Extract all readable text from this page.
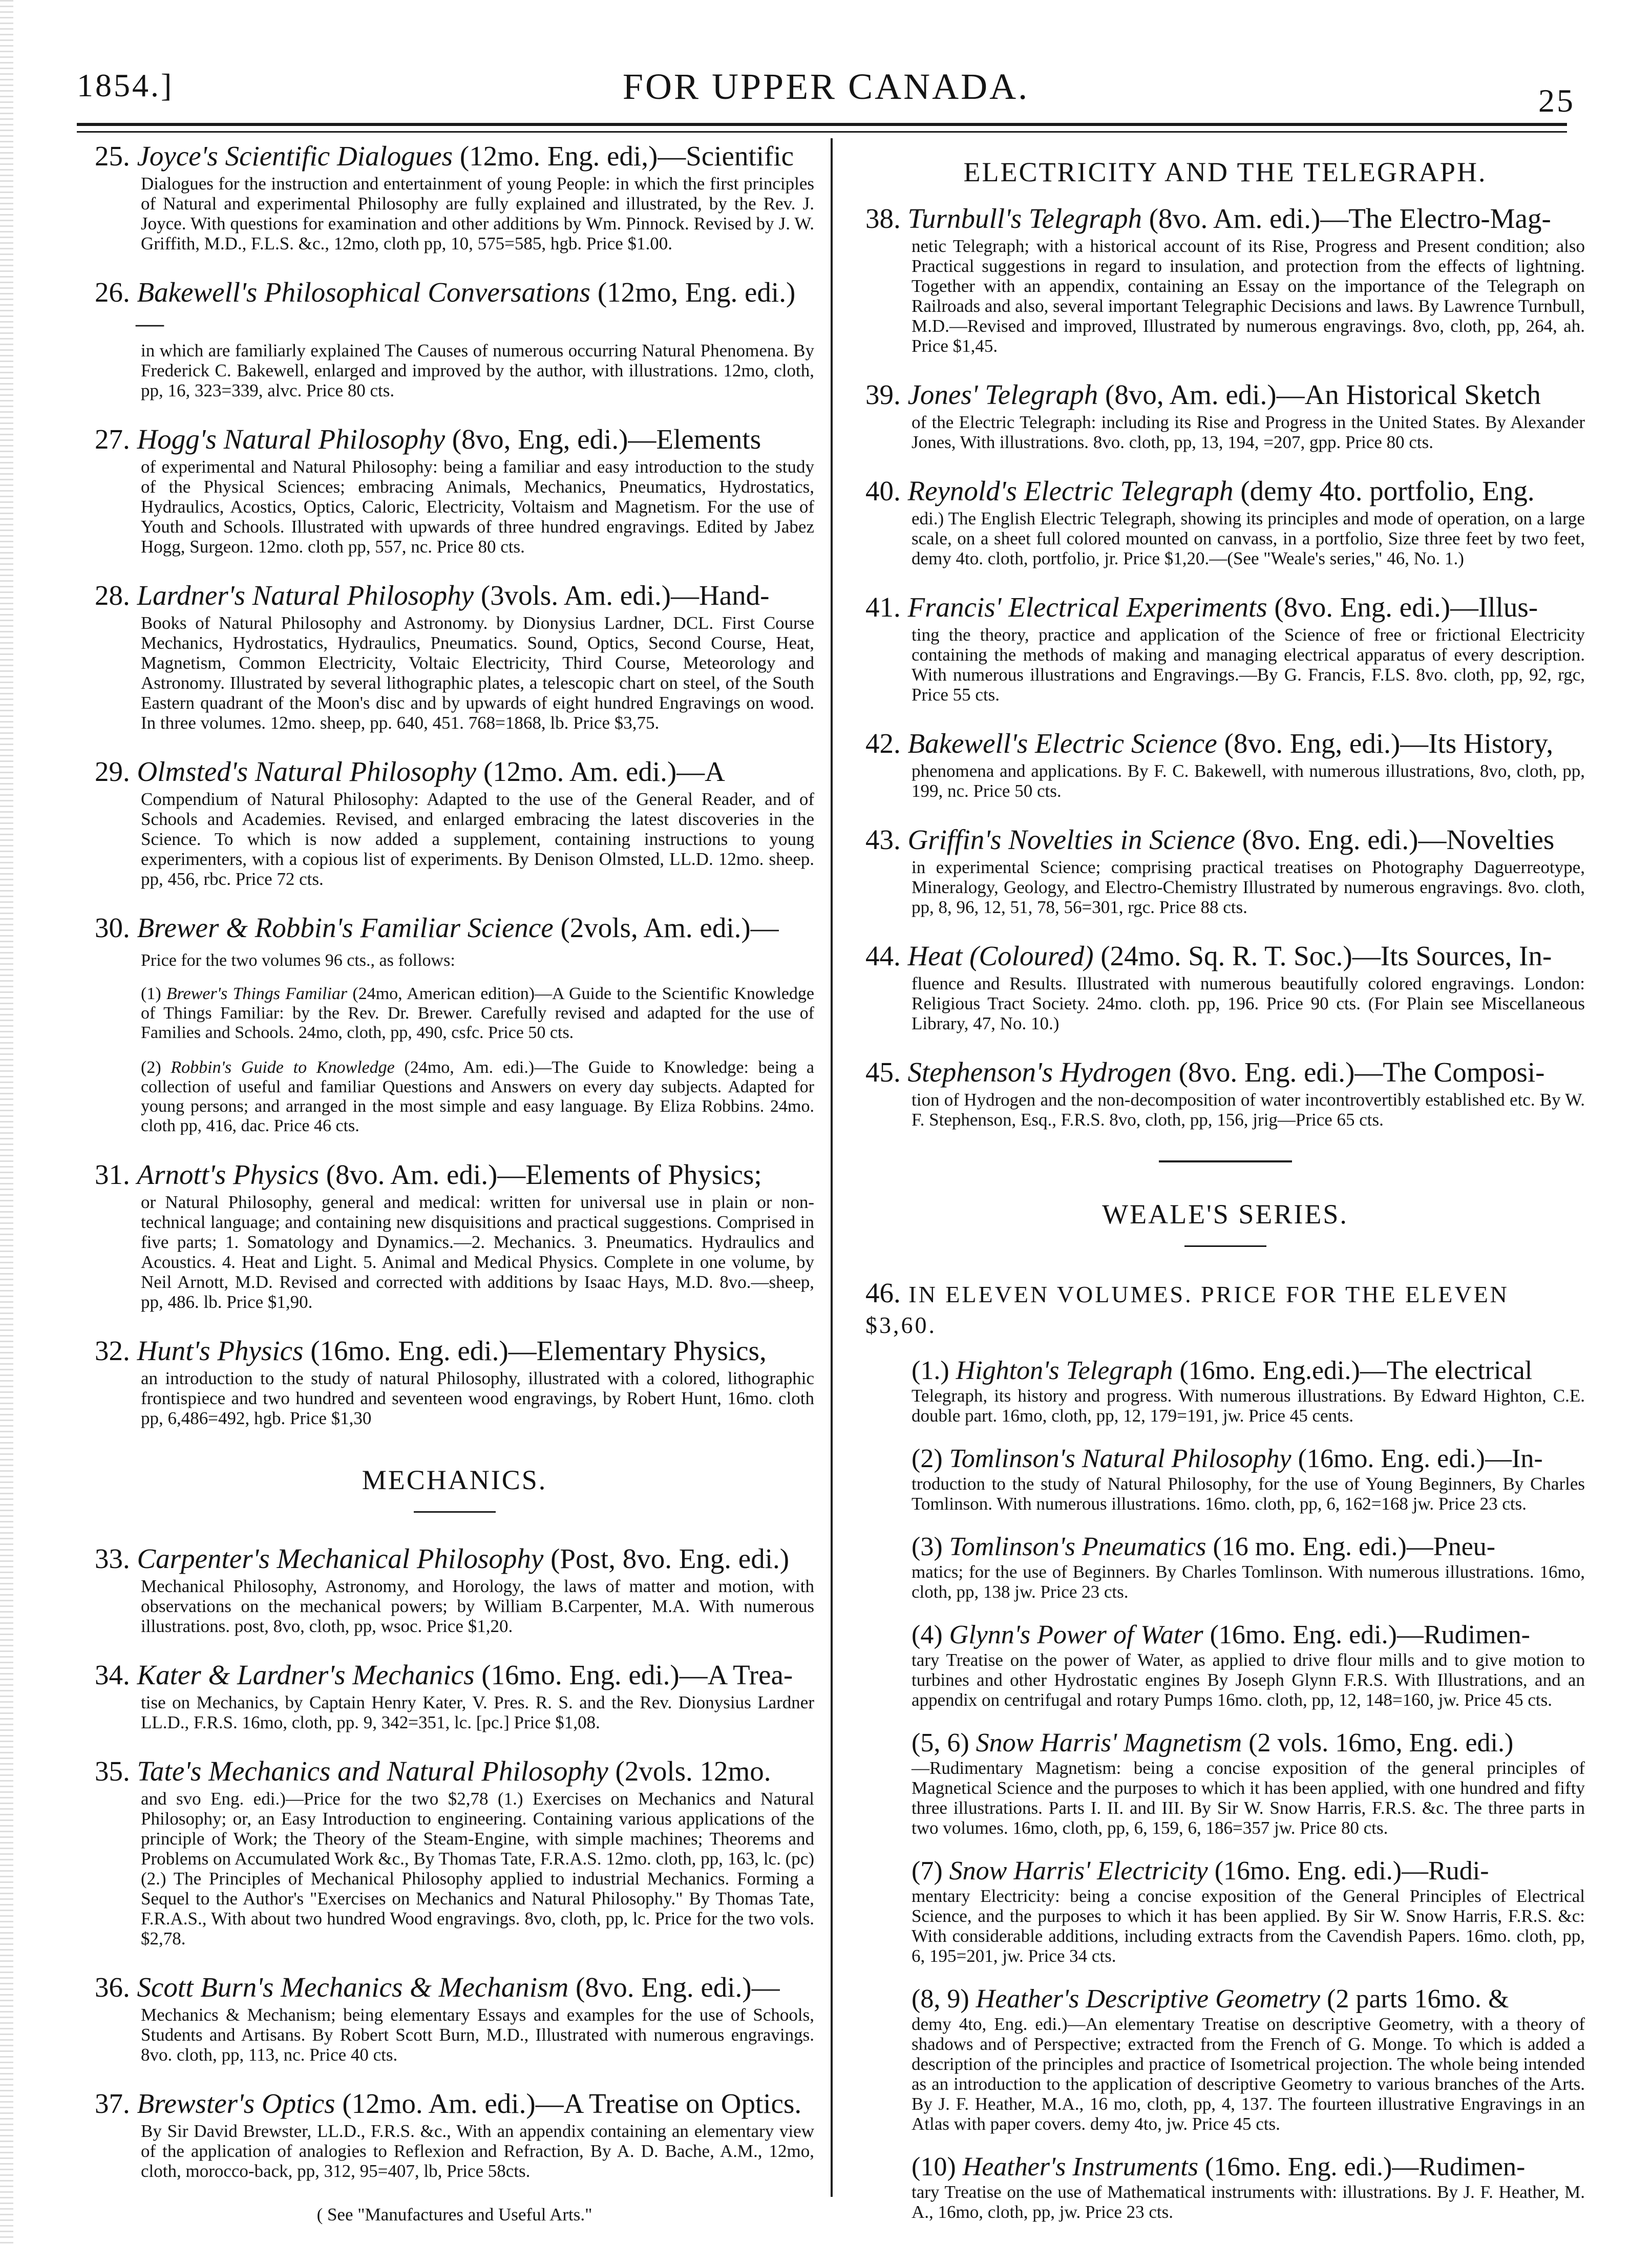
1854.]	FOR UPPER CANADA.	25
25. Joyce's Scientific Dialogues (12mo. Eng. edi,)—Scientific
Dialogues for the instruction and entertainment of young People: in which the first principles of Natural and experimental Philosophy are fully explained and illustrated, by the Rev. J. Joyce. With questions for examination and other additions by Wm. Pinnock. Revised by J. W. Griffith, M.D., F.L.S. &c., 12mo, cloth pp, 10, 575=585, hgb. Price $1.00.
26. Bakewell's Philosophical Conversations (12mo, Eng. edi.)—
in which are familiarly explained The Causes of numerous occurring Natural Phenomena. By Frederick C. Bakewell, enlarged and improved by the author, with illustrations. 12mo, cloth, pp, 16, 323=339, alvc. Price 80 cts.
27. Hogg's Natural Philosophy (8vo, Eng, edi.)—Elements
of experimental and Natural Philosophy: being a familiar and easy introduction to the study of the Physical Sciences; embracing Animals, Mechanics, Pneumatics, Hydrostatics, Hydraulics, Acostics, Optics, Caloric, Electricity, Voltaism and Magnetism. For the use of Youth and Schools. Illustrated with upwards of three hundred engravings. Edited by Jabez Hogg, Surgeon. 12mo. cloth pp, 557, nc. Price 80 cts.
28. Lardner's Natural Philosophy (3vols. Am. edi.)—Hand-
Books of Natural Philosophy and Astronomy. by Dionysius Lardner, DCL. First Course Mechanics, Hydrostatics, Hydraulics, Pneumatics. Sound, Optics, Second Course, Heat, Magnetism, Common Electricity, Voltaic Electricity, Third Course, Meteorology and Astronomy. Illustrated by several lithographic plates, a telescopic chart on steel, of the South Eastern quadrant of the Moon's disc and by upwards of eight hundred Engravings on wood. In three volumes. 12mo. sheep, pp. 640, 451. 768=1868, lb. Price $3,75.
29. Olmsted's Natural Philosophy (12mo. Am. edi.)—A
Compendium of Natural Philosophy: Adapted to the use of the General Reader, and of Schools and Academies. Revised, and enlarged embracing the latest discoveries in the Science. To which is now added a supplement, containing instructions to young experimenters, with a copious list of experiments. By Denison Olmsted, LL.D. 12mo. sheep. pp, 456, rbc. Price 72 cts.
30. Brewer & Robbin's Familiar Science (2vols, Am. edi.)—
Price for the two volumes 96 cts., as follows:
(1) Brewer's Things Familiar (24mo, American edition)—A Guide to the Scientific Knowledge of Things Familiar: by the Rev. Dr. Brewer. Carefully revised and adapted for the use of Families and Schools. 24mo, cloth, pp, 490, csfc. Price 50 cts.
(2) Robbin's Guide to Knowledge (24mo, Am. edi.)—The Guide to Knowledge: being a collection of useful and familiar Questions and Answers on every day subjects. Adapted for young persons; and arranged in the most simple and easy language. By Eliza Robbins. 24mo. cloth pp, 416, dac. Price 46 cts.
31. Arnott's Physics (8vo. Am. edi.)—Elements of Physics;
or Natural Philosophy, general and medical: written for universal use in plain or non-technical language; and containing new disquisitions and practical suggestions. Comprised in five parts; 1. Somatology and Dynamics.—2. Mechanics. 3. Pneumatics. Hydraulics and Acoustics. 4. Heat and Light. 5. Animal and Medical Physics. Complete in one volume, by Neil Arnott, M.D. Revised and corrected with additions by Isaac Hays, M.D. 8vo.—sheep, pp, 486. lb. Price $1,90.
32. Hunt's Physics (16mo. Eng. edi.)—Elementary Physics,
an introduction to the study of natural Philosophy, illustrated with a colored, lithographic frontispiece and two hundred and seventeen wood engravings, by Robert Hunt, 16mo. cloth pp, 6,486=492, hgb. Price $1,30
MECHANICS.
33. Carpenter's Mechanical Philosophy (Post, 8vo. Eng. edi.)
Mechanical Philosophy, Astronomy, and Horology, the laws of matter and motion, with observations on the mechanical powers; by William B.Carpenter, M.A. With numerous illustrations. post, 8vo, cloth, pp, wsoc. Price $1,20.
34. Kater & Lardner's Mechanics (16mo. Eng. edi.)—A Trea-
tise on Mechanics, by Captain Henry Kater, V. Pres. R. S. and the Rev. Dionysius Lardner LL.D., F.R.S. 16mo, cloth, pp. 9, 342=351, lc. [pc.] Price $1,08.
35. Tate's Mechanics and Natural Philosophy (2vols. 12mo.
and svo Eng. edi.)—Price for the two $2,78 (1.) Exercises on Mechanics and Natural Philosophy; or, an Easy Introduction to engineering. Containing various applications of the principle of Work; the Theory of the Steam-Engine, with simple machines; Theorems and Problems on Accumulated Work &c., By Thomas Tate, F.R.A.S. 12mo. cloth, pp, 163, lc. (pc) (2.) The Principles of Mechanical Philosophy applied to industrial Mechanics. Forming a Sequel to the Author's "Exercises on Mechanics and Natural Philosophy." By Thomas Tate, F.R.A.S., With about two hundred Wood engravings. 8vo, cloth, pp, lc. Price for the two vols. $2,78.
36. Scott Burn's Mechanics & Mechanism (8vo. Eng. edi.)—
Mechanics & Mechanism; being elementary Essays and examples for the use of Schools, Students and Artisans. By Robert Scott Burn, M.D., Illustrated with numerous engravings. 8vo. cloth, pp, 113, nc. Price 40 cts.
37. Brewster's Optics (12mo. Am. edi.)—A Treatise on Optics.
By Sir David Brewster, LL.D., F.R.S. &c., With an appendix containing an elementary view of the application of analogies to Reflexion and Refraction, By A. D. Bache, A.M., 12mo, cloth, morocco-back, pp, 312, 95=407, lb, Price 58cts.
( See "Manufactures and Useful Arts."
ELECTRICITY AND THE TELEGRAPH.
38. Turnbull's Telegraph (8vo. Am. edi.)—The Electro-Mag-
netic Telegraph; with a historical account of its Rise, Progress and Present condition; also Practical suggestions in regard to insulation, and protection from the effects of lightning. Together with an appendix, containing an Essay on the importance of the Telegraph on Railroads and also, several important Telegraphic Decisions and laws. By Lawrence Turnbull, M.D.—Revised and improved, Illustrated by numerous engravings. 8vo, cloth, pp, 264, ah. Price $1,45.
39. Jones' Telegraph (8vo, Am. edi.)—An Historical Sketch
of the Electric Telegraph: including its Rise and Progress in the United States. By Alexander Jones, With illustrations. 8vo. cloth, pp, 13, 194, =207, gpp. Price 80 cts.
40. Reynold's Electric Telegraph (demy 4to. portfolio, Eng.
edi.) The English Electric Telegraph, showing its principles and mode of operation, on a large scale, on a sheet full colored mounted on canvass, in a portfolio, Size three feet by two feet, demy 4to. cloth, portfolio, jr. Price $1,20.—(See "Weale's series," 46, No. 1.)
41. Francis' Electrical Experiments (8vo. Eng. edi.)—Illus-
ting the theory, practice and application of the Science of free or frictional Electricity containing the methods of making and managing electrical apparatus of every description. With numerous illustrations and Engravings.—By G. Francis, F.LS. 8vo. cloth, pp, 92, rgc, Price 55 cts.
42. Bakewell's Electric Science (8vo. Eng, edi.)—Its History,
phenomena and applications. By F. C. Bakewell, with numerous illustrations, 8vo, cloth, pp, 199, nc. Price 50 cts.
43. Griffin's Novelties in Science (8vo. Eng. edi.)—Novelties
in experimental Science; comprising practical treatises on Photography Daguerreotype, Mineralogy, Geology, and Electro-Chemistry Illustrated by numerous engravings. 8vo. cloth, pp, 8, 96, 12, 51, 78, 56=301, rgc. Price 88 cts.
44. Heat (Coloured) (24mo. Sq. R. T. Soc.)—Its Sources, In-
fluence and Results. Illustrated with numerous beautifully colored engravings. London: Religious Tract Society. 24mo. cloth. pp, 196. Price 90 cts. (For Plain see Miscellaneous Library, 47, No. 10.)
45. Stephenson's Hydrogen (8vo. Eng. edi.)—The Composi-
tion of Hydrogen and the non-decomposition of water incontrovertibly established etc. By W. F. Stephenson, Esq., F.R.S. 8vo, cloth, pp, 156, jrig—Price 65 cts.
WEALE'S SERIES.
46. IN ELEVEN VOLUMES. PRICE FOR THE ELEVEN $3,60.
(1.) Highton's Telegraph (16mo. Eng.edi.)—The electrical
Telegraph, its history and progress. With numerous illustrations. By Edward Highton, C.E. double part. 16mo, cloth, pp, 12, 179=191, jw. Price 45 cents.
(2) Tomlinson's Natural Philosophy (16mo. Eng. edi.)—In-
troduction to the study of Natural Philosophy, for the use of Young Beginners, By Charles Tomlinson. With numerous illustrations. 16mo. cloth, pp, 6, 162=168 jw. Price 23 cts.
(3) Tomlinson's Pneumatics (16 mo. Eng. edi.)—Pneu-
matics; for the use of Beginners. By Charles Tomlinson. With numerous illustrations. 16mo, cloth, pp, 138 jw. Price 23 cts.
(4) Glynn's Power of Water (16mo. Eng. edi.)—Rudimen-
tary Treatise on the power of Water, as applied to drive flour mills and to give motion to turbines and other Hydrostatic engines By Joseph Glynn F.R.S. With Illustrations, and an appendix on centrifugal and rotary Pumps 16mo. cloth, pp, 12, 148=160, jw. Price 45 cts.
(5, 6) Snow Harris' Magnetism (2 vols. 16mo, Eng. edi.)
—Rudimentary Magnetism: being a concise exposition of the general principles of Magnetical Science and the purposes to which it has been applied, with one hundred and fifty three illustrations. Parts I. II. and III. By Sir W. Snow Harris, F.R.S. &c. The three parts in two volumes. 16mo, cloth, pp, 6, 159, 6, 186=357 jw. Price 80 cts.
(7) Snow Harris' Electricity (16mo. Eng. edi.)—Rudi-
mentary Electricity: being a concise exposition of the General Principles of Electrical Science, and the purposes to which it has been applied. By Sir W. Snow Harris, F.R.S. &c: With considerable additions, including extracts from the Cavendish Papers. 16mo. cloth, pp, 6, 195=201, jw. Price 34 cts.
(8, 9) Heather's Descriptive Geometry (2 parts 16mo. &
demy 4to, Eng. edi.)—An elementary Treatise on descriptive Geometry, with a theory of shadows and of Perspective; extracted from the French of G. Monge. To which is added a description of the principles and practice of Isometrical projection. The whole being intended as an introduction to the application of descriptive Geometry to various branches of the Arts. By J. F. Heather, M.A., 16 mo, cloth, pp, 4, 137. The fourteen illustrative Engravings in an Atlas with paper covers. demy 4to, jw. Price 45 cts.
(10) Heather's Instruments (16mo. Eng. edi.)—Rudimen-
tary Treatise on the use of Mathematical instruments with: illustrations. By J. F. Heather, M. A., 16mo, cloth, pp, jw. Price 23 cts.
